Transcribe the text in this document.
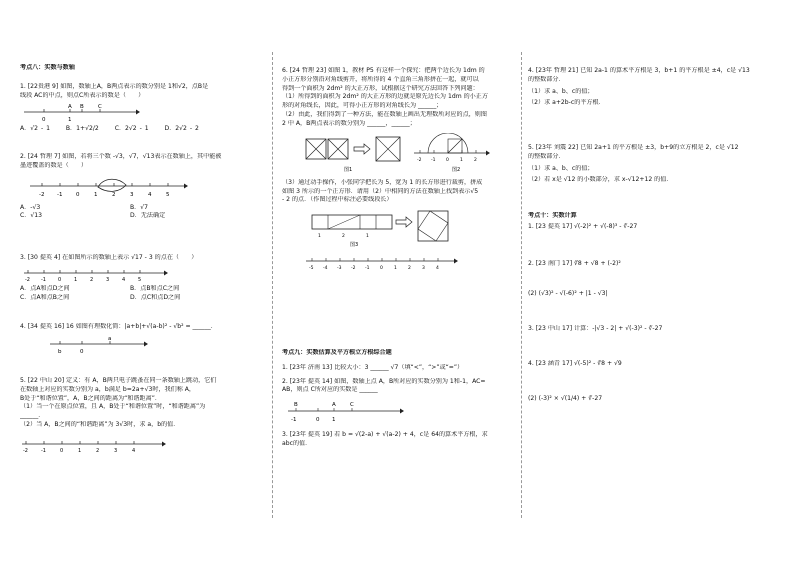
考点八：实数与数轴
1. [22贵港 9] 如图，数轴上A，B两点表示的数分别是 1和√2，点B是
线段 AC的中点，则点C所表示的数是（　　）
0	1
A B	C
A．√2 - 1	B．1+√2/2	C．2√2 - 1	D．2√2 - 2
2. [24 哲理 7] 如图，若将三个数 -√3，√7，√13表示在数轴上，其中能被
墨迹覆盖的数是（　　）
-2 -1 0	1	2	3	4	5
A．-√3	B．√7
C．√13	D．无法确定
3. [30 提英 4] 在如图所示的数轴上表示 √17 - 3 的点在（　　）
-2 -1 0	1	2	3	4	5
A．点A和点D之间	B．点B和点C之间
C．点A和点B之间	D．点C和点D之间
4. [34 提英 16] 16 如图有理数化简：|a+b|+√(a-b)² - √b² = ______．
b	0
a
5. [22 中山 20] 定义：有 A，B两只电子跳蚤在同一条数轴上跳动，它们
在数轴上对应的实数分别为 a，b满足 b=2a+√3时，我们称 A，
B处于“和谐位置”，A，B之间的距离为“和谐距离”．
（1）当一个在原点位置，且 A，B处于“和谐位置”时，“和谐距离”为
______．
（2）当 A，B之间的“和谐距离”为 3√3时，求 a，b的值．
-2	-1	0	1	2	3	4
6. [24 哲理 23] 如图 1，教材 P5 有这样一个探究：把两个边长为 1dm 的
小正方形分别沿对角线剪开，将所得的 4 个直角三角形拼在一起，就可以
得到一个面积为 2dm² 的大正方形，试根据这个研究方法回答下列问题：
（1）所得到的面积为 2dm² 的大正方形的边就是原先边长为 1dm 的小正方
形的对角线长，因此，可得小正方形的对角线长为 ______；
（2）由此，我们得到了一种方法，能在数轴上画出无理数所对应的点，则图
2 中 A，B两点表示的数分别为 ______，______；
图1
-2 -1 0 1 2
图2
（3）通过动手操作，小张同学把长为 5，宽为 1 的长方形进行裁剪，拼成
如图 3 所示的一个正方形．请用（2）中相同的方法在数轴上找到表示√5
- 2 的点．（作图过程中标注必要线段长）
1	2	1
图3
-5 -4 -3 -2 -1 0 1 2 3 4
考点九：实数估算及平方根立方根综合题
1. [23年 济南 13] 比较大小：3 ______ √7（填“<”，“>”或“=”）
2. [23年 提英 14] 如图，数轴上点 A，B所对应的实数分别为 1和-1，AC=
AB，则点 C所对应的实数是 ______
B	A	C
-1	0 1
3. [23年 提英 19] 若 b = √(2-a) + √(a-2) + 4，c是 64的算术平方根，求
abc的值．
4. [23年 哲理 21] 已知 2a-1 的算术平方根是 3，b+1 的平方根是 ±4，c是 √13
的整数部分．
（1）求 a、b、c的值；
（2）求 a+2b-c的平方根．
5. [23年 刘震 22] 已知 2a+1 的平方根是 ±3，b+9的立方根是 2，c是 √12
的整数部分．
（1）求 a、b、c的值；
（2）若 x是 √12 的小数部分，求 x-√12+12 的值．
考点十：实数计算
1. [23 提英 17] √(-2)² + √(-8)³ - ∛-27
2. [23 南门 17] ∛8 + √8 + (-2)²
(2) (√3)² - √(-6)² + |1 - √3|
3. [23 中山 17] 计算：-|√3 - 2| + √(-3)² - ∛-27
4. [23 涵青 17] √(-5)² - ∛8 + √9
(2) (-3)² × √(1/4) + ∛-27
